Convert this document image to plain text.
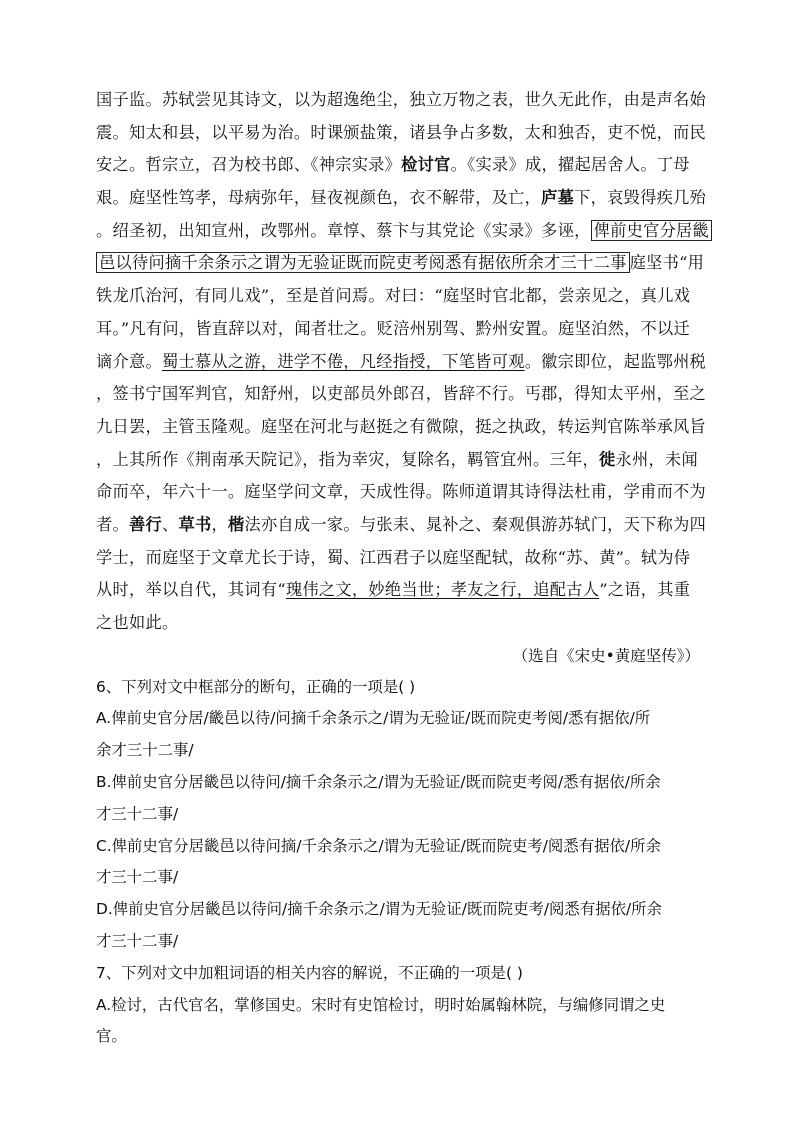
国子监。苏轼尝见其诗文，以为超逸绝尘，独立万物之表，世久无此作，由是声名始
震。知太和县，以平易为治。时课颁盐策，诸县争占多数，太和独否，吏不悦，而民
安之。哲宗立，召为校书郎、《神宗实录》检讨官。《实录》成，擢起居舍人。丁母
艰。庭坚性笃孝，母病弥年，昼夜视颜色，衣不解带，及亡，庐墓下，哀毁得疾几殆
。绍圣初，出知宣州，改鄂州。章惇、蔡卞与其党论《实录》多诬， 俾前史官分居畿
邑以待问摘千余条示之谓为无验证既而院吏考阅悉有据依所余才三十二事 庭坚书“用
铁龙爪治河，有同儿戏”，至是首问焉。对曰：“庭坚时官北都，尝亲见之，真儿戏
耳。”凡有问，皆直辞以对，闻者壮之。贬涪州别驾、黔州安置。庭坚泊然，不以迁
谪介意。蜀士慕从之游，进学不倦，凡经指授，下笔皆可观。徽宗即位，起监鄂州税
，签书宁国军判官，知舒州，以吏部员外郎召，皆辞不行。丐郡，得知太平州，至之
九日罢，主管玉隆观。庭坚在河北与赵挺之有微隙，挺之执政，转运判官陈举承风旨
，上其所作《荆南承天院记》，指为幸灾，复除名，羁管宜州。三年，徙永州，未闻
命而卒，年六十一。庭坚学问文章，天成性得。陈师道谓其诗得法杜甫，学甫而不为
者。善行、草书，楷法亦自成一家。与张耒、晁补之、秦观俱游苏轼门，天下称为四
学士，而庭坚于文章尤长于诗，蜀、江西君子以庭坚配轼，故称“苏、黄”。轼为侍
从时，举以自代，其词有“瑰伟之文，妙绝当世；孝友之行，追配古人”之语，其重
之也如此。
（选自《宋史•黄庭坚传》）
6、下列对文中框部分的断句，正确的一项是( )
A.俾前史官分居/畿邑以待/问摘千余条示之/谓为无验证/既而院吏考阅/悉有据依/所
余才三十二事/
B.俾前史官分居畿邑以待问/摘千余条示之/谓为无验证/既而院吏考阅/悉有据依/所余
才三十二事/
C.俾前史官分居畿邑以待问摘/千余条示之/谓为无验证/既而院吏考/阅悉有据依/所余
才三十二事/
D.俾前史官分居畿邑以待问/摘千余条示之/谓为无验证/既而院吏考/阅悉有据依/所余
才三十二事/
7、下列对文中加粗词语的相关内容的解说，不正确的一项是( )
A.检讨，古代官名，掌修国史。宋时有史馆检讨，明时始属翰林院，与编修同谓之史
官。
